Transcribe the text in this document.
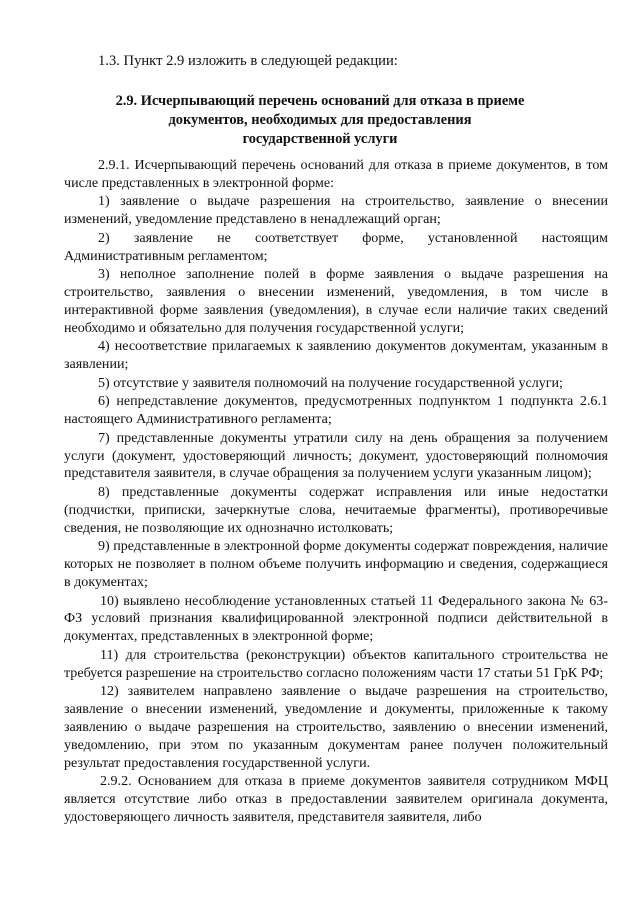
1.3. Пункт 2.9 изложить в следующей редакции:
2.9. Исчерпывающий перечень оснований для отказа в приеме
документов, необходимых для предоставления
государственной услуги

2.9.1. Исчерпывающий перечень оснований для отказа в приеме документов, в том числе представленных в электронной форме:

1) заявление о выдаче разрешения на строительство, заявление о внесении изменений, уведомление представлено в ненадлежащий орган;

2) заявление не соответствует форме, установленной настоящим Административным регламентом;

3) неполное заполнение полей в форме заявления о выдаче разрешения на строительство, заявления о внесении изменений, уведомления, в том числе в интерактивной форме заявления (уведомления), в случае если наличие таких сведений необходимо и обязательно для получения государственной услуги;

4) несоответствие прилагаемых к заявлению документов документам, указанным в заявлении;

5) отсутствие у заявителя полномочий на получение государственной услуги;

6) непредставление документов, предусмотренных подпунктом 1 подпункта 2.6.1 настоящего Административного регламента;

7) представленные документы утратили силу на день обращения за получением услуги (документ, удостоверяющий личность; документ, удостоверяющий полномочия представителя заявителя, в случае обращения за получением услуги указанным лицом);

8) представленные документы содержат исправления или иные недостатки (подчистки, приписки, зачеркнутые слова, нечитаемые фрагменты), противоречивые сведения, не позволяющие их однозначно истолковать;

9) представленные в электронной форме документы содержат повреждения, наличие которых не позволяет в полном объеме получить информацию и сведения, содержащиеся в документах;

10) выявлено несоблюдение установленных статьей 11 Федерального закона № 63-ФЗ условий признания квалифицированной электронной подписи действительной в документах, представленных в электронной форме;

11) для строительства (реконструкции) объектов капитального строительства не требуется разрешение на строительство согласно положениям части 17 статьи 51 ГрК РФ;

12) заявителем направлено заявление о выдаче разрешения на строительство, заявление о внесении изменений, уведомление и документы, приложенные к такому заявлению о выдаче разрешения на строительство, заявлению о внесении изменений, уведомлению, при этом по указанным документам ранее получен положительный результат предоставления государственной услуги.

2.9.2. Основанием для отказа в приеме документов заявителя сотрудником МФЦ является отсутствие либо отказ в предоставлении заявителем оригинала документа, удостоверяющего личность заявителя, представителя заявителя, либо
